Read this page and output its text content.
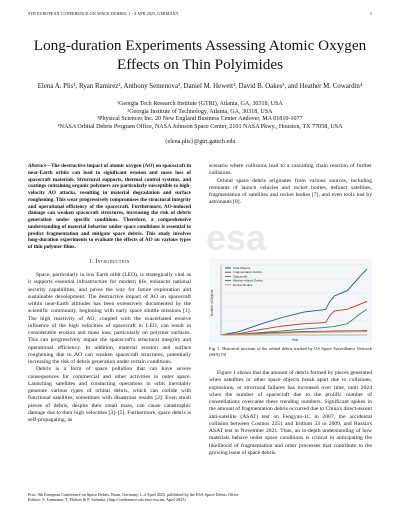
9TH EUROPEAN CONFERENCE ON SPACE DEBRIS, 1 - 4 APR 2025, GERMANY	1
Long-duration Experiments Assessing Atomic Oxygen Effects on Thin Polyimides
Elena A. Plis¹, Ryan Ramirez², Anthony Semenova³, Daniel M. Hewett³, David B. Oakes³, and Heather M. Cowardin⁴
¹Georgia Tech Research Institute (GTRI), Atlanta, GA, 30318, USA
²Georgia Institute of Technology, Atlanta, GA, 30318, USA
³Physical Sciences Inc. 20 New England Business Center Andover, MA 01810-1077
⁴NASA Orbital Debris Program Office, NASA Johnson Space Center, 2101 NASA Pkwy., Houston, TX 77058, USA
{elena.plis}@gtri.gatech.edu
Abstract—The destructive impact of atomic oxygen (AO) on spacecraft in near-Earth orbits can lead to significant erosion and mass loss of spacecraft materials. Structural supports, thermal control systems, and coatings containing organic polymers are particularly susceptible to high-velocity AO attacks, resulting in material degradation and surface roughening. This wear progressively compromises the structural integrity and operational efficiency of the spacecraft. Furthermore, AO-induced damage can weaken spacecraft structures, increasing the risk of debris generation under specific conditions. Therefore, a comprehensive understanding of material behavior under space conditions is essential to predict fragmentation and mitigate space debris. This study involves long-duration experiments to evaluate the effects of AO on various types of thin polymer films.
I. Introduction

Space, particularly in low Earth orbit (LEO), is strategically vital as it supports essential infrastructure for modern life, enhances national security capabilities, and paves the way for future exploration and sustainable development. The destructive impact of AO on spacecraft within near-Earth altitudes has been extensively documented by the scientific community, beginning with early space shuttle missions [1]. The high reactivity of AO, coupled with the exacerbated erosive influence of the high velocities of spacecraft in LEO, can result in considerable erosion and mass loss, particularly on polymer surfaces. This can progressively impair the spacecraft's structural integrity and operational efficiency. In addition, material erosion and surface roughening due to AO can weaken spacecraft structures, potentially increasing the risk of debris generation under certain conditions.

Debris is a form of space pollution that can have severe consequences for commercial and other activities in outer space. Launching satellites and conducting operations in orbit inevitably generate various types of orbital debris, which can collide with functional satellites, sometimes with disastrous results [2]. Even small pieces of debris, despite their small mass, can cause catastrophic damage due to their high velocities [3]–[5]. Furthermore, space debris is self-propagating, as

scenario where collisions lead to a cascading chain reaction of further collisions.

Orbital space debris originates from various sources, including remnants of launch vehicles and rocket bodies, defunct satellites, fragmentation of satellites and rocket bodies [7], and even tools lost by astronauts [8].

Total Objects
Fragmentation Debris
Spacecraft
Mission-related Debris
Rocket Bodies
Number of Objects
Year
Fig. 1. Historical increase of the orbital debris tracked by US Space Surveillance Network (SSN) [9]

Figure 1 shows that the amount of debris formed by pieces generated when satellites or other space objects break apart due to collisions, explosions, or structural failures has increased over time, until 2024 when the number of spacecraft due to the prolific number of constellations overcame these trending numbers. Significant spikes in the amount of fragmentation debris occurred due to China's direct-ascent anti-satellite (ASAT) test on Fengyun-1C in 2007, the accidental collision between Cosmos 2251 and Iridium 33 in 2009, and Russia's ASAT test in November 2021. Thus, an in-depth understanding of how materials behave under space conditions is critical in anticipating the likelihood of fragmentation and other processes that contribute to the growing issue of space debris.

Proc. 9th European Conference on Space Debris, Bonn, Germany, 1–4 April 2025, published by the ESA Space Debris Office
Editors: S. Lemmens, T. Flohrer & F. Schmitz, (http://conference.sdo.esoc.esa.int, April 2025)
esa
